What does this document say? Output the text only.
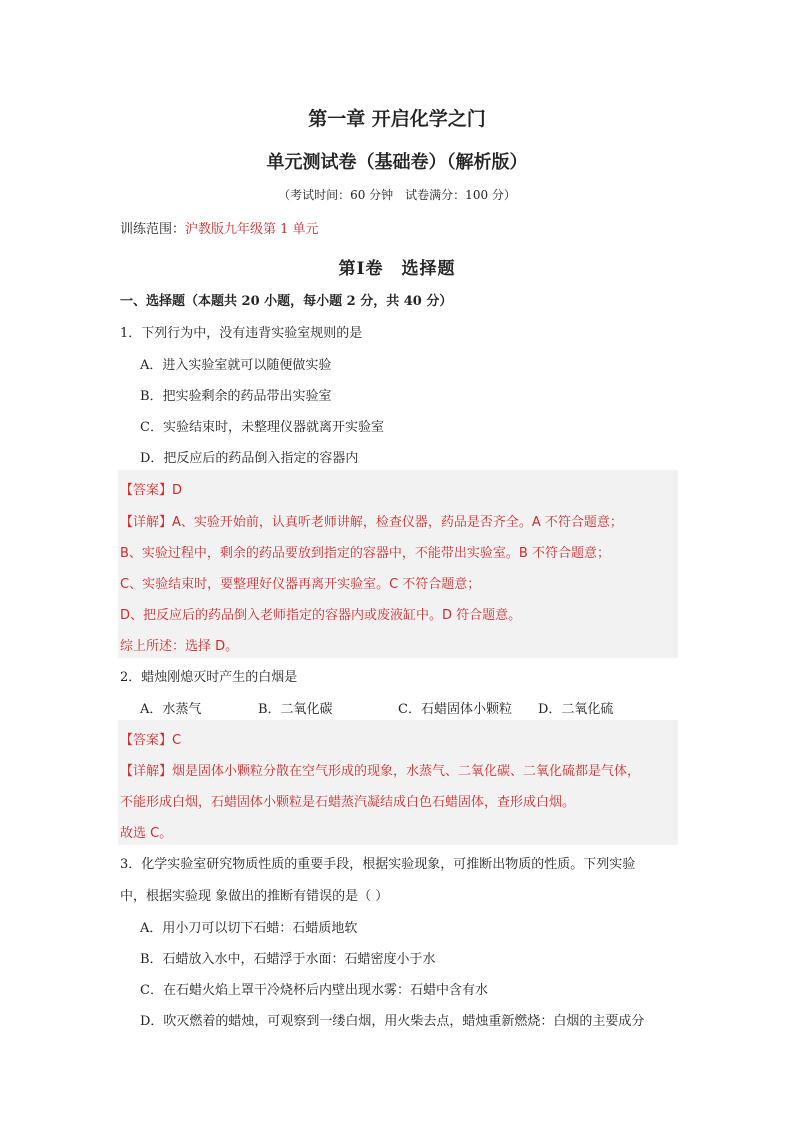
第一章 开启化学之门
单元测试卷（基础卷）（解析版）
（考试时间：60 分钟　试卷满分：100 分）
训练范围：沪教版九年级第 1 单元
第Ⅰ卷　选择题
一、选择题（本题共 20 小题，每小题 2 分，共 40 分）
1．下列行为中，没有违背实验室规则的是
A．进入实验室就可以随便做实验
B．把实验剩余的药品带出实验室
C．实验结束时，未整理仪器就离开实验室
D．把反应后的药品倒入指定的容器内
【答案】D
【详解】A、实验开始前，认真听老师讲解，检查仪器，药品是否齐全。A 不符合题意；
B、实验过程中，剩余的药品要放到指定的容器中，不能带出实验室。B 不符合题意；
C、实验结束时，要整理好仪器再离开实验室。C 不符合题意；
D、把反应后的药品倒入老师指定的容器内或废液缸中。D 符合题意。
综上所述：选择 D。
2．蜡烛刚熄灭时产生的白烟是
A．水蒸气	B．二氧化碳	C．石蜡固体小颗粒 D．二氧化硫
【答案】C
【详解】烟是固体小颗粒分散在空气形成的现象，水蒸气、二氧化碳、二氧化硫都是气体，
不能形成白烟，石蜡固体小颗粒是石蜡蒸汽凝结成白色石蜡固体，查形成白烟。
故选 C。
3．化学实验室研究物质性质的重要手段，根据实验现象，可推断出物质的性质。下列实验
中，根据实验现 象做出的推断有错误的是（ ）
A．用小刀可以切下石蜡：石蜡质地软
B．石蜡放入水中，石蜡浮于水面：石蜡密度小于水
C．在石蜡火焰上罩干冷烧杯后内壁出现水雾：石蜡中含有水
D．吹灭燃着的蜡烛，可观察到一缕白烟，用火柴去点，蜡烛重新燃烧：白烟的主要成分
